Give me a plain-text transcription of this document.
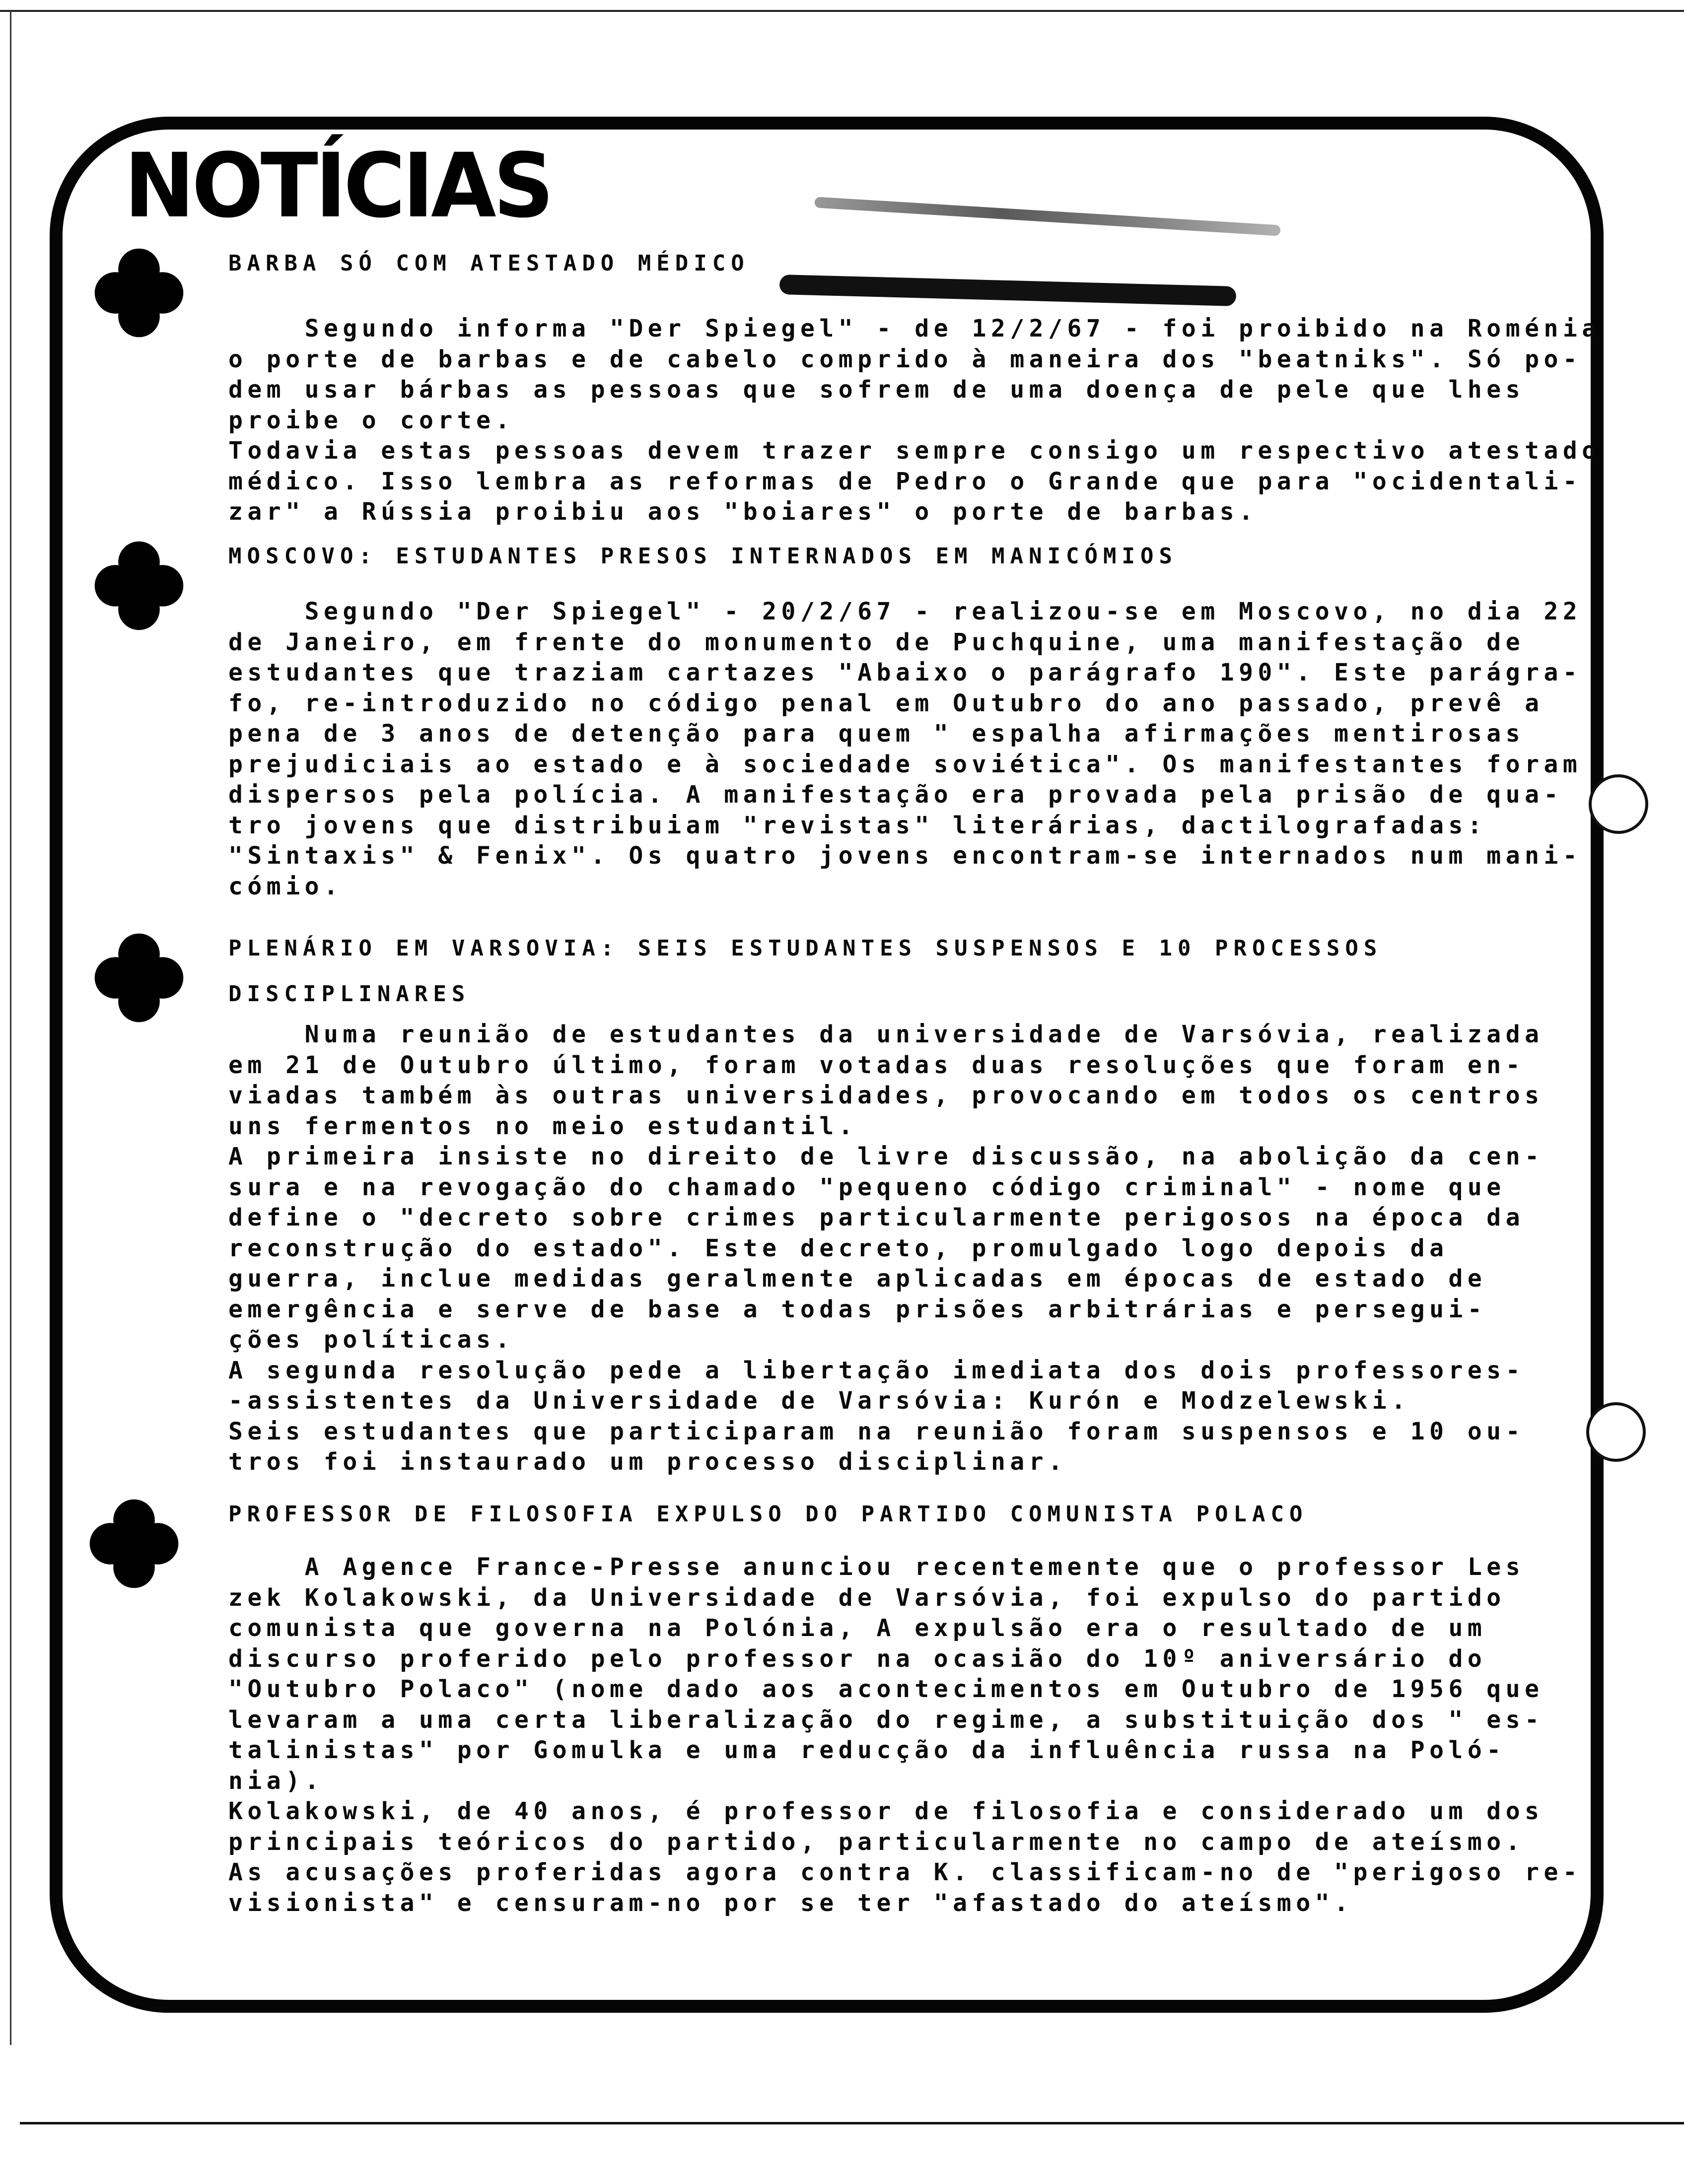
NOTÍCIAS

BARBA SÓ COM ATESTADO MÉDICO

Segundo informa "Der Spiegel" - de 12/2/67 - foi proibido na Roménia

o porte de barbas e de cabelo comprido à maneira dos "beatniks". Só po-

dem usar bárbas as pessoas que sofrem de uma doença de pele que lhes

proibe o corte.

Todavia estas pessoas devem trazer sempre consigo um respectivo atestado

médico. Isso lembra as reformas de Pedro o Grande que para "ocidentali-

zar" a Rússia proibiu aos "boiares" o porte de barbas.

MOSCOVO: ESTUDANTES PRESOS INTERNADOS EM MANICÓMIOS

Segundo "Der Spiegel" - 20/2/67 - realizou-se em Moscovo, no dia 22

de Janeiro, em frente do monumento de Puchquine, uma manifestação de

estudantes que traziam cartazes "Abaixo o parágrafo 190". Este parágra-

fo, re-introduzido no código penal em Outubro do ano passado, prevê a

pena de 3 anos de detenção para quem " espalha afirmações mentirosas

prejudiciais ao estado e à sociedade soviética". Os manifestantes foram

dispersos pela polícia. A manifestação era provada pela prisão de qua-

tro jovens que distribuiam "revistas" literárias, dactilografadas:

"Sintaxis" & Fenix". Os quatro jovens encontram-se internados num mani-

cómio.

PLENÁRIO EM VARSOVIA: SEIS ESTUDANTES SUSPENSOS E 10 PROCESSOS

DISCIPLINARES

Numa reunião de estudantes da universidade de Varsóvia, realizada

em 21 de Outubro último, foram votadas duas resoluções que foram en-

viadas também às outras universidades, provocando em todos os centros

uns fermentos no meio estudantil.

A primeira insiste no direito de livre discussão, na abolição da cen-

sura e na revogação do chamado "pequeno código criminal" - nome que

define o "decreto sobre crimes particularmente perigosos na época da

reconstrução do estado". Este decreto, promulgado logo depois da

guerra, inclue medidas geralmente aplicadas em épocas de estado de

emergência e serve de base a todas prisões arbitrárias e persegui-

ções políticas.

A segunda resolução pede a libertação imediata dos dois professores-

-assistentes da Universidade de Varsóvia: Kurón e Modzelewski.

Seis estudantes que participaram na reunião foram suspensos e 10 ou-

tros foi instaurado um processo disciplinar.

PROFESSOR DE FILOSOFIA EXPULSO DO PARTIDO COMUNISTA POLACO

A Agence France-Presse anunciou recentemente que o professor Les

zek Kolakowski, da Universidade de Varsóvia, foi expulso do partido

comunista que governa na Polónia, A expulsão era o resultado de um

discurso proferido pelo professor na ocasião do 10º aniversário do

"Outubro Polaco" (nome dado aos acontecimentos em Outubro de 1956 que

levaram a uma certa liberalização do regime, a substituição dos " es-

talinistas" por Gomulka e uma reducção da influência russa na Poló-

nia).

Kolakowski, de 40 anos, é professor de filosofia e considerado um dos

principais teóricos do partido, particularmente no campo de ateísmo.

As acusações proferidas agora contra K. classificam-no de "perigoso re-

visionista" e censuram-no por se ter "afastado do ateísmo".
